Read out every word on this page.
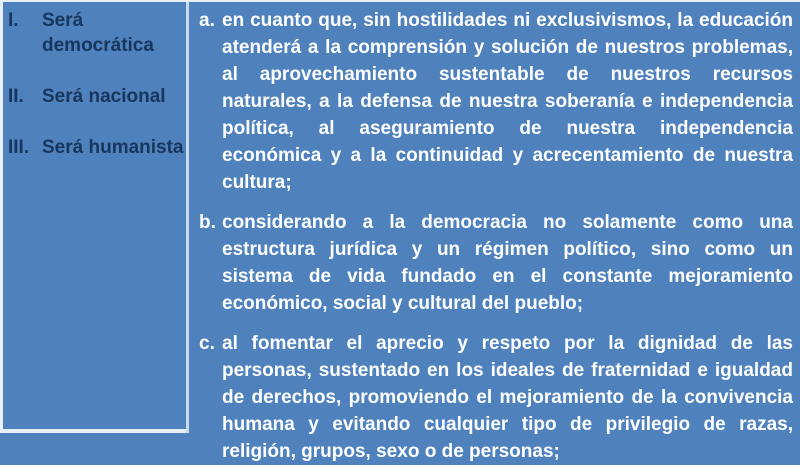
I.	Será democrática
II. Será nacional
III. Será humanista
a. en cuanto que, sin hostilidades ni exclusivismos, la educación atenderá a la comprensión y solución de nuestros problemas, al aprovechamiento sustentable de nuestros recursos naturales, a la defensa de nuestra soberanía e independencia política, al aseguramiento de nuestra independencia económica y a la continuidad y acrecentamiento de nuestra cultura;
b. considerando a la democracia no solamente como una estructura jurídica y un régimen político, sino como un sistema de vida fundado en el constante mejoramiento económico, social y cultural del pueblo;
c. al fomentar el aprecio y respeto por la dignidad de las personas, sustentado en los ideales de fraternidad e igualdad de derechos, promoviendo el mejoramiento de la convivencia humana y evitando cualquier tipo de privilegio de razas, religión, grupos, sexo o de personas;
